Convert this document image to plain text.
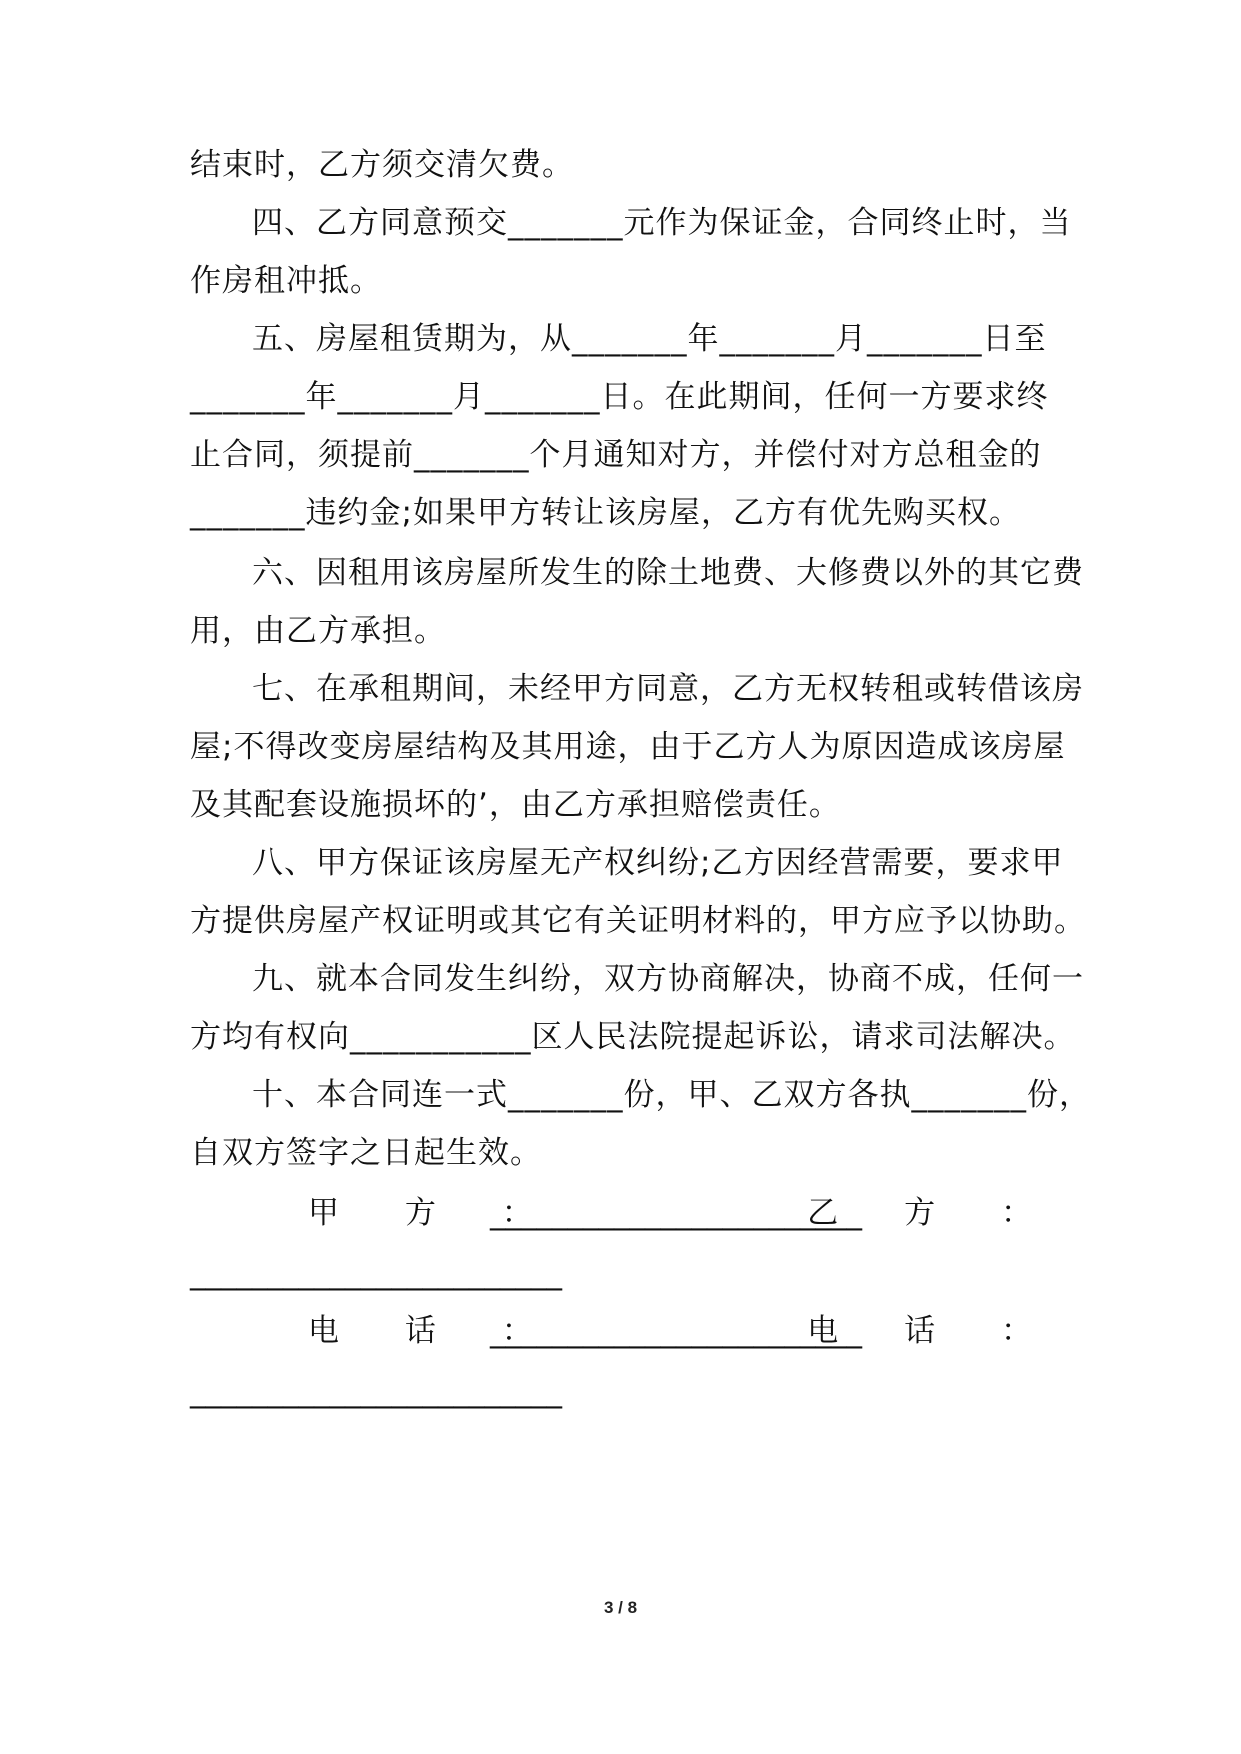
结束时，乙方须交清欠费。
四、乙方同意预交_______元作为保证金，合同终止时，当
作房租冲抵。
五、房屋租赁期为，从_______年_______月_______日至
_______年_______月_______日。在此期间，任何一方要求终
止合同，须提前_______个月通知对方，并偿付对方总租金的
_______违约金;如果甲方转让该房屋，乙方有优先购买权。
六、因租用该房屋所发生的除土地费、大修费以外的其它费
用，由乙方承担。
七、在承租期间，未经甲方同意，乙方无权转租或转借该房
屋;不得改变房屋结构及其用途，由于乙方人为原因造成该房屋
及其配套设施损坏的’，由乙方承担赔偿责任。
八、甲方保证该房屋无产权纠纷;乙方因经营需要，要求甲
方提供房屋产权证明或其它有关证明材料的，甲方应予以协助。
九、就本合同发生纠纷，双方协商解决，协商不成，任何一
方均有权向___________区人民法院提起诉讼，请求司法解决。
十、本合同连一式_______份，甲、乙双方各执_______份，
自双方签字之日起生效。
甲 方 ：
________________________
乙 方 ：
________________________
电 话 ：
________________________
电 话 ：
________________________
3 / 8
